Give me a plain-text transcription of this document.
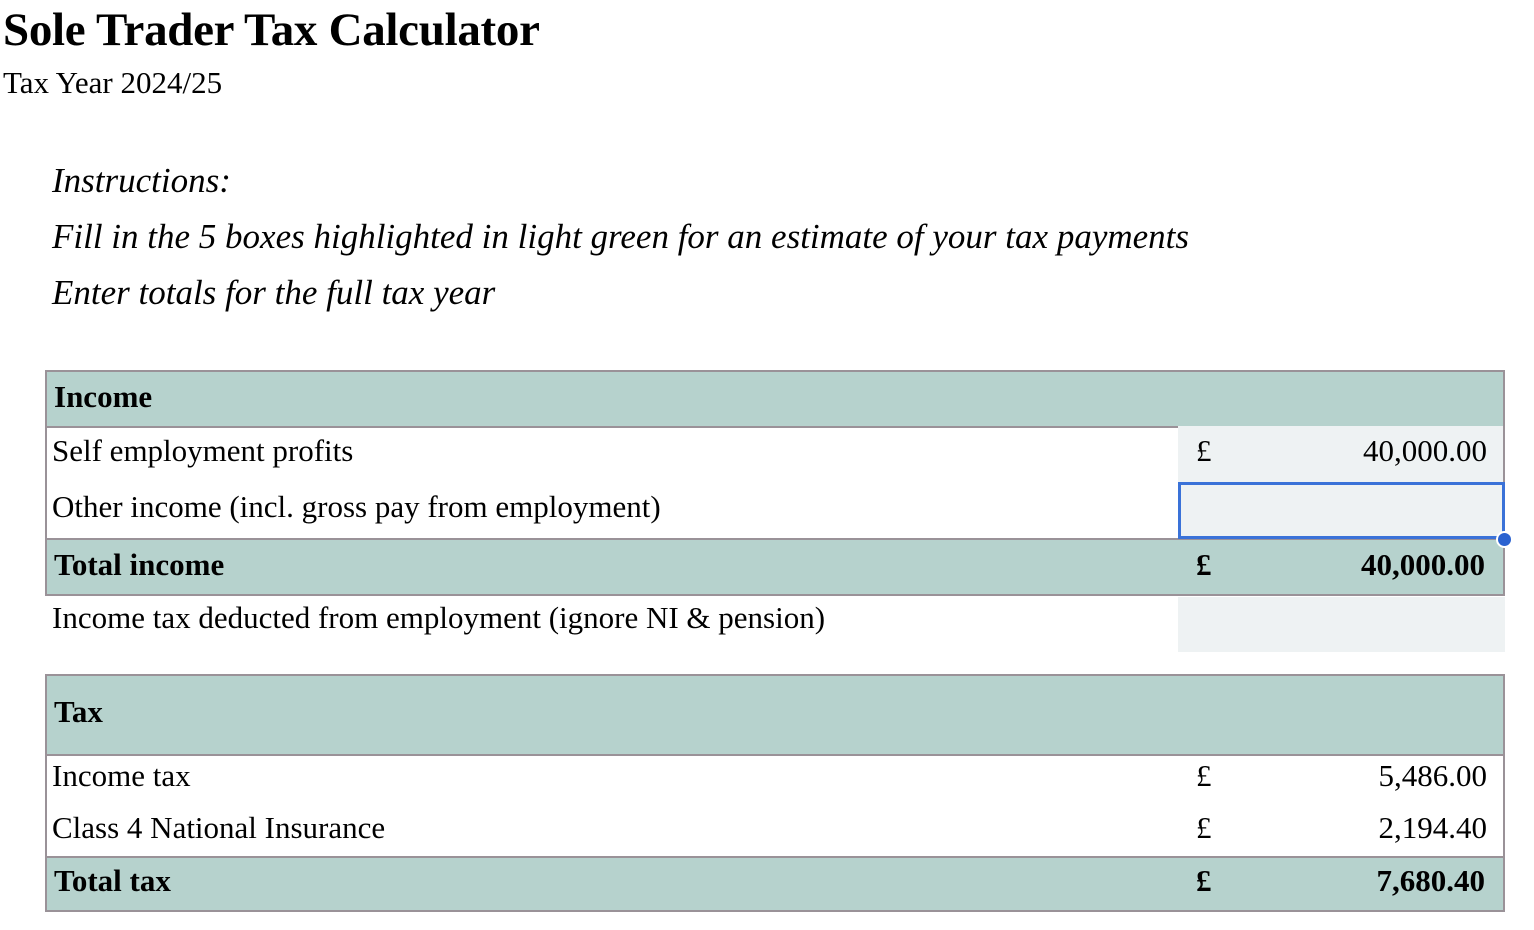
Sole Trader Tax Calculator
Tax Year 2024/25
Instructions:
Fill in the 5 boxes highlighted in light green for an estimate of your tax payments
Enter totals for the full tax year
Income
Self employment profits	£	40,000.00
Other income (incl. gross pay from employment)
Total income	£	40,000.00
Income tax deducted from employment (ignore NI & pension)
Tax
Income tax	£	5,486.00
Class 4 National Insurance	£	2,194.40
Total tax	£	7,680.40
